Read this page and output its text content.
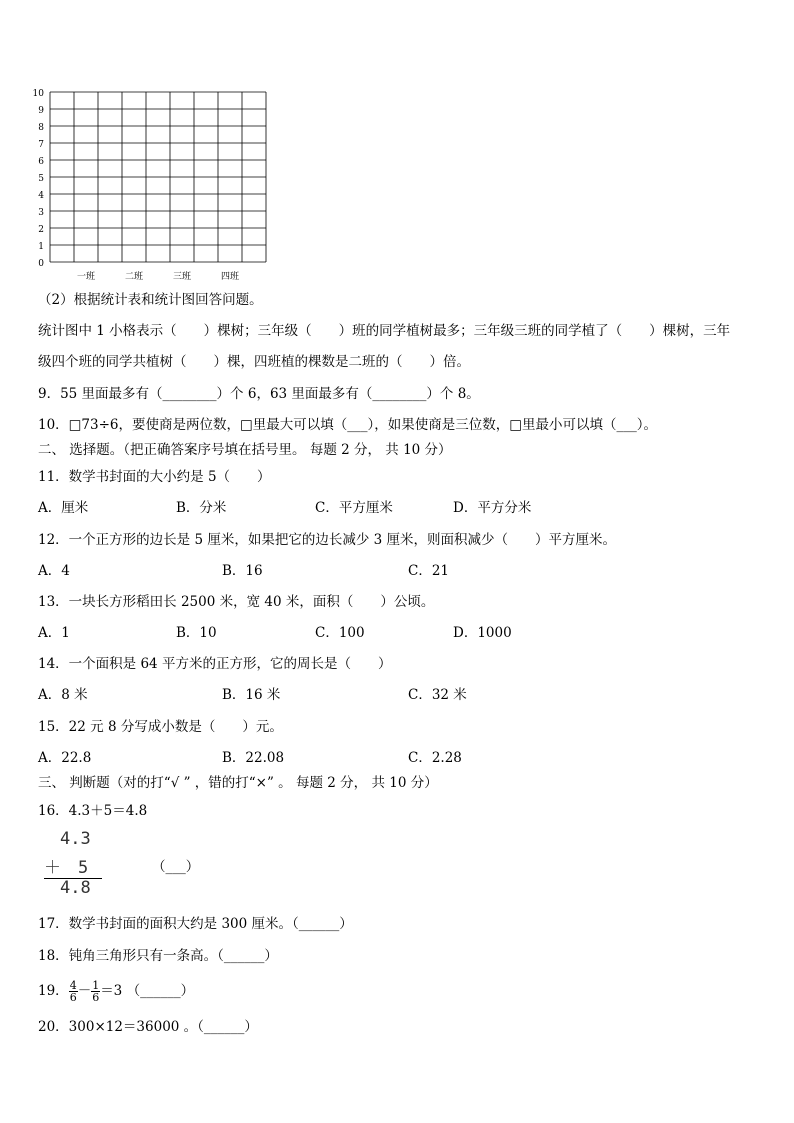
0
1
2
3
4
5
6
7
8
9
10
一班	二班	三班	四班
（2）根据统计表和统计图回答问题。
统计图中 1 小格表示（　　）棵树；三年级（　　）班的同学植树最多；三年级三班的同学植了（　　）棵树，三年
级四个班的同学共植树（　　）棵，四班植的棵数是二班的（　　）倍。
9．55 里面最多有（________）个 6，63 里面最多有（________）个 8。
10．□73÷6，要使商是两位数，□里最大可以填（___），如果使商是三位数，□里最小可以填（___）。
二、 选择题。（把正确答案序号填在括号里。 每题 2 分， 共 10 分）
11．数学书封面的大小约是 5（　　）
A．厘米	B．分米	C．平方厘米	D．平方分米
12．一个正方形的边长是 5 厘米，如果把它的边长减少 3 厘米，则面积减少（　　）平方厘米。
A．4	B．16	C．21
13．一块长方形稻田长 2500 米，宽 40 米，面积（　　）公顷。
A．1	B．10	C．100	D．1000
14．一个面积是 64 平方米的正方形，它的周长是（　　）
A．8 米	B．16 米	C．32 米
15．22 元 8 分写成小数是（　　）元。
A．22.8	B．22.08	C．2.28
三、 判断题（对的打“√ ” ，错的打“×” 。 每题 2 分， 共 10 分）
16．4.3＋5＝4.8
4.3
＋　5
4.8
（___）
17．数学书封面的面积大约是 300 厘米。（______）
18．钝角三角形只有一条高。（______）
19． $\frac{4}{6} - \frac{1}{6} =3$ （______）
20．300×12＝36000 。（______）
